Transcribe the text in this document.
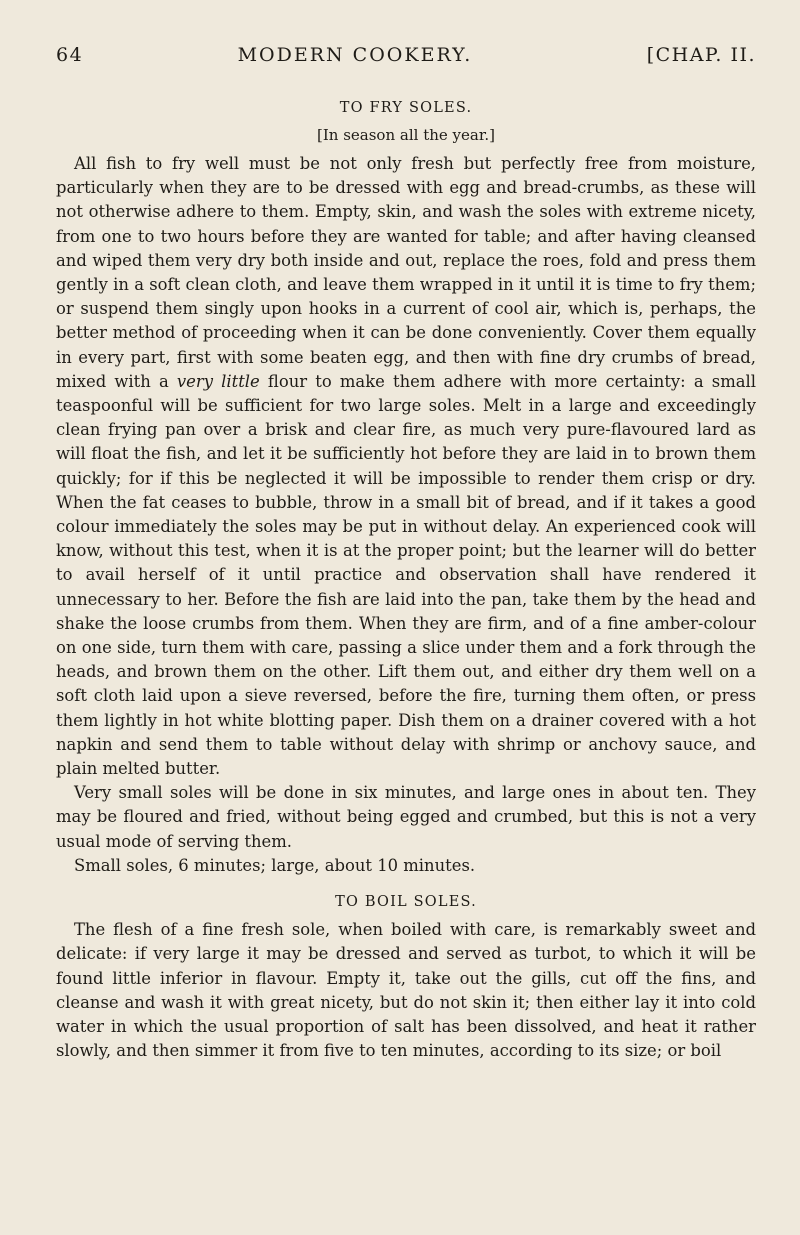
64	MODERN COOKERY.	[CHAP. II.
TO FRY SOLES.
[In season all the year.]

All fish to fry well must be not only fresh but perfectly free from moisture, particularly when they are to be dressed with egg and bread-crumbs, as these will not otherwise adhere to them. Empty, skin, and wash the soles with extreme nicety, from one to two hours before they are wanted for table; and after having cleansed and wiped them very dry both inside and out, replace the roes, fold and press them gently in a soft clean cloth, and leave them wrapped in it until it is time to fry them; or suspend them singly upon hooks in a current of cool air, which is, perhaps, the better method of proceeding when it can be done conveniently. Cover them equally in every part, first with some beaten egg, and then with fine dry crumbs of bread, mixed with a very little flour to make them adhere with more certainty: a small teaspoonful will be sufficient for two large soles. Melt in a large and exceedingly clean frying pan over a brisk and clear fire, as much very pure-flavoured lard as will float the fish, and let it be sufficiently hot before they are laid in to brown them quickly; for if this be neglected it will be impossible to render them crisp or dry. When the fat ceases to bubble, throw in a small bit of bread, and if it takes a good colour immediately the soles may be put in without delay. An experienced cook will know, without this test, when it is at the proper point; but the learner will do better to avail herself of it until practice and observation shall have rendered it unnecessary to her. Before the fish are laid into the pan, take them by the head and shake the loose crumbs from them. When they are firm, and of a fine amber-colour on one side, turn them with care, passing a slice under them and a fork through the heads, and brown them on the other. Lift them out, and either dry them well on a soft cloth laid upon a sieve reversed, before the fire, turning them often, or press them lightly in hot white blotting paper. Dish them on a drainer covered with a hot napkin and send them to table without delay with shrimp or anchovy sauce, and plain melted butter.

Very small soles will be done in six minutes, and large ones in about ten. They may be floured and fried, without being egged and crumbed, but this is not a very usual mode of serving them.

Small soles, 6 minutes; large, about 10 minutes.

TO BOIL SOLES.

The flesh of a fine fresh sole, when boiled with care, is remarkably sweet and delicate: if very large it may be dressed and served as turbot, to which it will be found little inferior in flavour. Empty it, take out the gills, cut off the fins, and cleanse and wash it with great nicety, but do not skin it; then either lay it into cold water in which the usual proportion of salt has been dissolved, and heat it rather slowly, and then simmer it from five to ten minutes, according to its size; or boil
